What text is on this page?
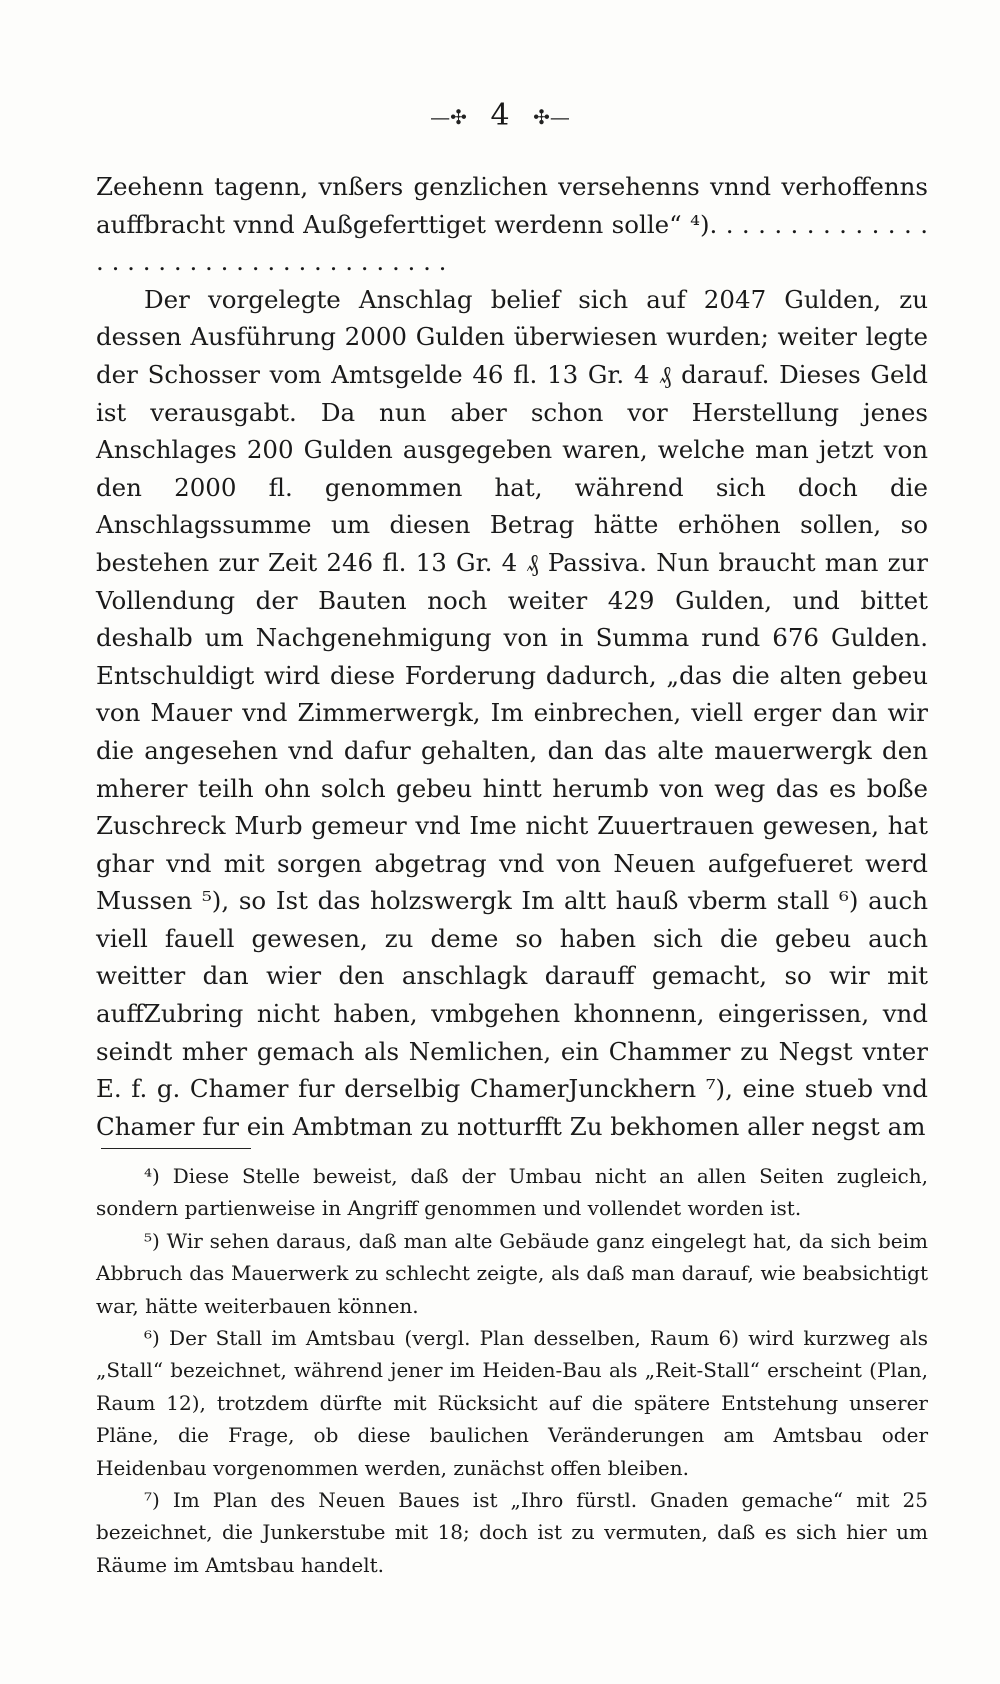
—✣ 4 ✣—

Zeehenn tagenn, vnßers genzlichen versehenns vnnd verhoffenns auffbracht vnnd Außgeferttiget werdenn solle“ ⁴). . . . . . . . . . . . . . . . . . . . . . . . . . . . . . . . . . . . .

Der vorgelegte Anschlag belief sich auf 2047 Gulden, zu dessen Ausführung 2000 Gulden überwiesen wurden; weiter legte der Schosser vom Amtsgelde 46 fl. 13 Gr. 4 ₰ darauf. Dieses Geld ist verausgabt. Da nun aber schon vor Herstellung jenes Anschlages 200 Gulden ausgegeben waren, welche man jetzt von den 2000 fl. genommen hat, während sich doch die Anschlagssumme um diesen Betrag hätte erhöhen sollen, so bestehen zur Zeit 246 fl. 13 Gr. 4 ₰ Passiva. Nun braucht man zur Vollendung der Bauten noch weiter 429 Gulden, und bittet deshalb um Nachgenehmigung von in Summa rund 676 Gulden. Entschuldigt wird diese Forderung dadurch, „das die alten gebeu von Mauer vnd Zimmerwergk, Im einbrechen, viell erger dan wir die angesehen vnd dafur gehalten, dan das alte mauerwergk den mherer teilh ohn solch gebeu hintt herumb von weg das es boße Zuschreck Murb gemeur vnd Ime nicht Zuuertrauen gewesen, hat ghar vnd mit sorgen abgetrag vnd von Neuen aufgefueret werd Mussen ⁵), so Ist das holzswergk Im altt hauß vberm stall ⁶) auch viell fauell gewesen, zu deme so haben sich die gebeu auch weitter dan wier den anschlagk darauff gemacht, so wir mit auffZubring nicht haben, vmbgehen khonnenn, eingerissen, vnd seindt mher gemach als Nemlichen, ein Chammer zu Negst vnter E. f. g. Chamer fur derselbig ChamerJunckhern ⁷), eine stueb vnd Chamer fur ein Ambtman zu notturfft Zu bekhomen aller negst am

⁴) Diese Stelle beweist, daß der Umbau nicht an allen Seiten zugleich, sondern partienweise in Angriff genommen und vollendet worden ist.

⁵) Wir sehen daraus, daß man alte Gebäude ganz eingelegt hat, da sich beim Abbruch das Mauerwerk zu schlecht zeigte, als daß man darauf, wie beabsichtigt war, hätte weiterbauen können.

⁶) Der Stall im Amtsbau (vergl. Plan desselben, Raum 6) wird kurzweg als „Stall“ bezeichnet, während jener im Heiden-Bau als „Reit-Stall“ erscheint (Plan, Raum 12), trotzdem dürfte mit Rücksicht auf die spätere Entstehung unserer Pläne, die Frage, ob diese baulichen Veränderungen am Amtsbau oder Heidenbau vorgenommen werden, zunächst offen bleiben.

⁷) Im Plan des Neuen Baues ist „Ihro fürstl. Gnaden gemache“ mit 25 bezeichnet, die Junkerstube mit 18; doch ist zu vermuten, daß es sich hier um Räume im Amtsbau handelt.
